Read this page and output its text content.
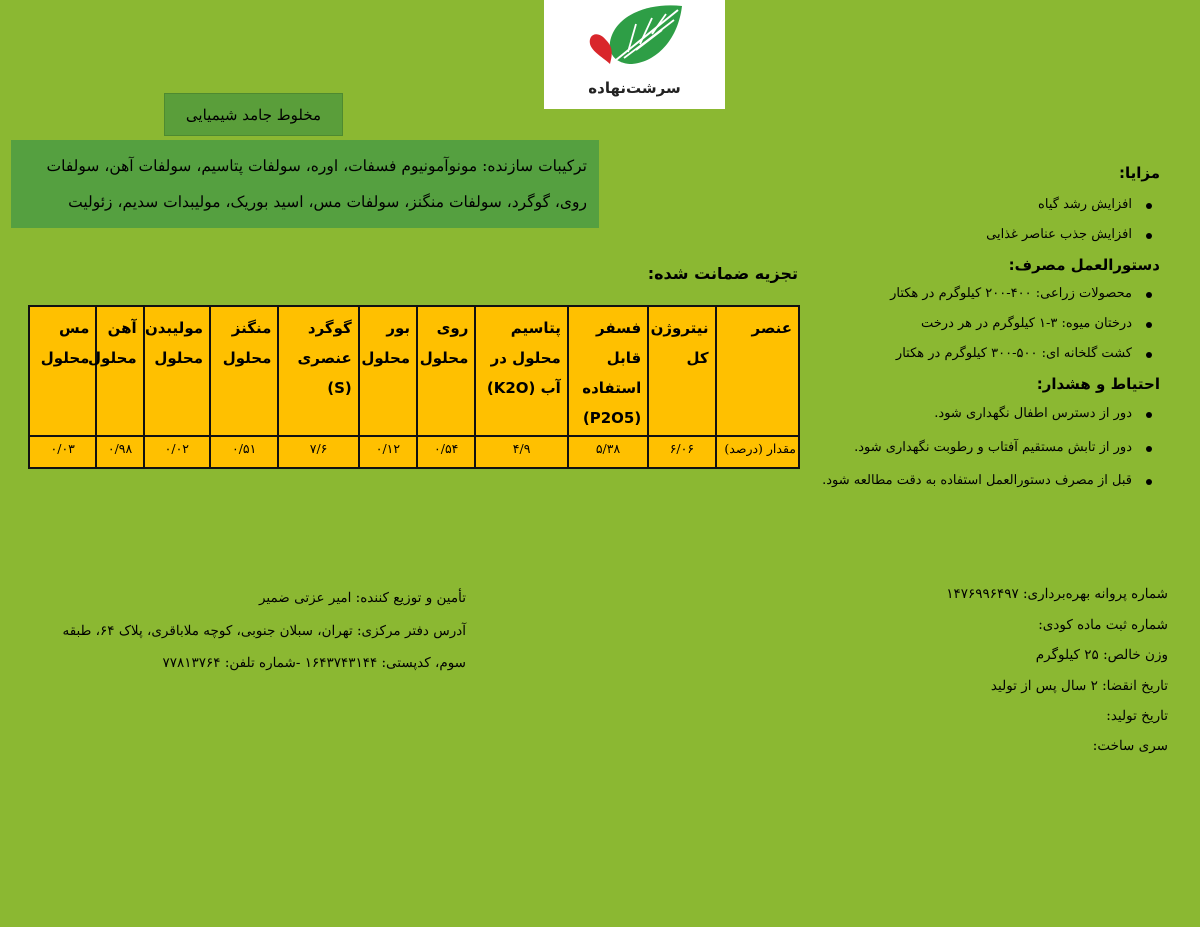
سرشت‌نهاده
مخلوط جامد شیمیایی
ترکیبات سازنده: مونوآمونیوم فسفات، اوره، سولفات پتاسیم، سولفات آهن، سولفات روی، گوگرد، سولفات منگنز، سولفات مس، اسید بوریک، مولیبدات سدیم، زئولیت
تجزیه ضمانت شده:
عنصر	نیتروژن کل	فسفر قابل استفاده (P2O5)	پتاسیم محلول در آب (K2O)	روی محلول	بور محلول	گوگرد عنصری (S)	منگنز محلول	مولیبدن محلول	آهن محلول	مس محلول
مقدار (درصد)	۶/۰۶	۵/۳۸	۴/۹	۰/۵۴	۰/۱۲	۷/۶	۰/۵۱	۰/۰۲	۰/۹۸	۰/۰۳
مزایا:
افزایش رشد گیاه
افزایش جذب عناصر غذایی
دستورالعمل مصرف:
محصولات زراعی: ۴۰۰-۲۰۰ کیلوگرم در هکتار
درختان میوه: ۳-۱ کیلوگرم در هر درخت
کشت گلخانه ای: ۵۰۰-۳۰۰ کیلوگرم در هکتار
احتیاط و هشدار:
دور از دسترس اطفال نگهداری شود.
دور از تابش مستقیم آفتاب و رطوبت نگهداری شود.
قبل از مصرف دستورالعمل استفاده به دقت مطالعه شود.
تأمین و توزیع کننده: امیر عزتی ضمیر
آدرس دفتر مرکزی: تهران، سبلان جنوبی، کوچه ملاباقری، پلاک ۶۴، طبقه
سوم، کدپستی: ۱۶۴۳۷۴۳۱۴۴ -شماره تلفن: ۷۷۸۱۳۷۶۴
شماره پروانه بهره‌برداری: ۱۴۷۶۹۹۶۴۹۷
شماره ثبت ماده کودی:
وزن خالص: ۲۵ کیلوگرم
تاریخ انقضا: ۲ سال پس از تولید
تاریخ تولید:
سری ساخت:
